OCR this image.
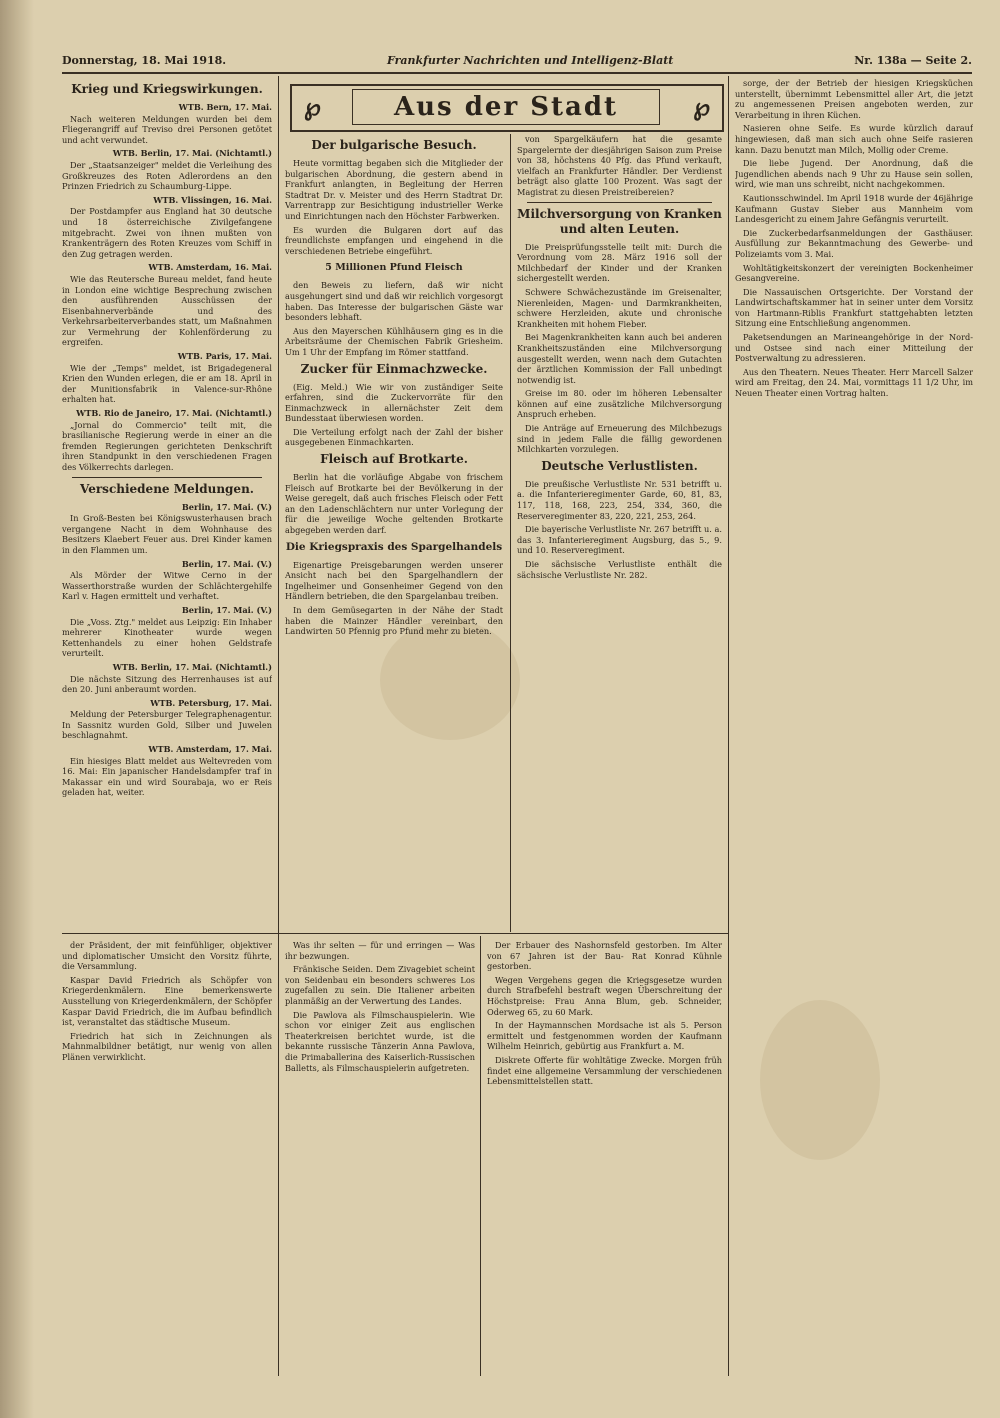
Donnerstag, 18. Mai 1918.	Frankfurter Nachrichten und Intelligenz-Blatt	Nr. 138a — Seite 2.
℘	Aus der Stadt	℘
Krieg und Kriegswirkungen.
WTB. Bern, 17. Mai.

Nach weiteren Meldungen wurden bei dem Fliegerangriff auf Treviso drei Personen getötet und acht verwundet.

WTB. Berlin, 17. Mai. (Nichtamtl.)

Der „Staatsanzeiger" meldet die Verleihung des Großkreuzes des Roten Adlerordens an den Prinzen Friedrich zu Schaumburg-Lippe.

WTB. Vlissingen, 16. Mai.

Der Postdampfer aus England hat 30 deutsche und 18 österreichische Zivilgefangene mitgebracht. Zwei von ihnen mußten von Krankenträgern des Roten Kreuzes vom Schiff in den Zug getragen werden.

WTB. Amsterdam, 16. Mai.

Wie das Reutersche Bureau meldet, fand heute in London eine wichtige Besprechung zwischen den ausführenden Ausschüssen der Eisenbahnerverbände und des Verkehrsarbeiterverbandes statt, um Maßnahmen zur Vermehrung der Kohlenförderung zu ergreifen.

WTB. Paris, 17. Mai.

Wie der „Temps" meldet, ist Brigadegeneral Krien den Wunden erlegen, die er am 18. April in der Munitionsfabrik in Valence-sur-Rhône erhalten hat.

WTB. Rio de Janeiro, 17. Mai. (Nichtamtl.)

„Jornal do Commercio" teilt mit, die brasilianische Regierung werde in einer an die fremden Regierungen gerichteten Denkschrift ihren Standpunkt in den verschiedenen Fragen des Völkerrechts darlegen.

Verschiedene Meldungen.
Berlin, 17. Mai. (V.)

In Groß-Besten bei Königswusterhausen brach vergangene Nacht in dem Wohnhause des Besitzers Klaebert Feuer aus. Drei Kinder kamen in den Flammen um.

Berlin, 17. Mai. (V.)

Als Mörder der Witwe Cerno in der Wasserthorstraße wurden der Schlächtergehilfe Karl v. Hagen ermittelt und verhaftet.

Berlin, 17. Mai. (V.)

Die „Voss. Ztg." meldet aus Leipzig: Ein Inhaber mehrerer Kinotheater wurde wegen Kettenhandels zu einer hohen Geldstrafe verurteilt.

WTB. Berlin, 17. Mai. (Nichtamtl.)

Die nächste Sitzung des Herrenhauses ist auf den 20. Juni anberaumt worden.

WTB. Petersburg, 17. Mai.

Meldung der Petersburger Telegraphenagentur. In Sassnitz wurden Gold, Silber und Juwelen beschlagnahmt.

WTB. Amsterdam, 17. Mai.

Ein hiesiges Blatt meldet aus Weltevreden vom 16. Mai: Ein japanischer Handelsdampfer traf in Makassar ein und wird Sourabaja, wo er Reis geladen hat, weiter.

Der bulgarische Besuch.

Heute vormittag begaben sich die Mitglieder der bulgarischen Abordnung, die gestern abend in Frankfurt anlangten, in Begleitung der Herren Stadtrat Dr. v. Meister und des Herrn Stadtrat Dr. Varrentrapp zur Besichtigung industrieller Werke und Einrichtungen nach den Höchster Farbwerken.

Es wurden die Bulgaren dort auf das freundlichste empfangen und eingehend in die verschiedenen Betriebe eingeführt.

5 Millionen Pfund Fleisch

den Beweis zu liefern, daß wir nicht ausgehungert sind und daß wir reichlich vorgesorgt haben. Das Interesse der bulgarischen Gäste war besonders lebhaft.

Aus den Mayerschen Kühlhäusern ging es in die Arbeitsräume der Chemischen Fabrik Griesheim. Um 1 Uhr der Empfang im Römer stattfand.

Zucker für Einmachzwecke.

(Eig. Meld.) Wie wir von zuständiger Seite erfahren, sind die Zuckervorräte für den Einmachzweck in allernächster Zeit dem Bundesstaat überwiesen worden.

Die Verteilung erfolgt nach der Zahl der bisher ausgegebenen Einmachkarten.

Fleisch auf Brotkarte.

Berlin hat die vorläufige Abgabe von frischem Fleisch auf Brotkarte bei der Bevölkerung in der Weise geregelt, daß auch frisches Fleisch oder Fett an den Ladenschlächtern nur unter Vorlegung der für die jeweilige Woche geltenden Brotkarte abgegeben werden darf.

Die Kriegspraxis des Spargelhandels

Eigenartige Preisgebarungen werden unserer Ansicht nach bei den Spargelhandlern der Ingelheimer und Gonsenheimer Gegend von den Händlern betrieben, die den Spargelanbau treiben.

In dem Gemüsegarten in der Nähe der Stadt haben die Mainzer Händler vereinbart, den Landwirten 50 Pfennig pro Pfund mehr zu bieten.

von Spargelkäufern hat die gesamte Spargelernte der diesjährigen Saison zum Preise von 38, höchstens 40 Pfg. das Pfund verkauft, vielfach an Frankfurter Händler. Der Verdienst beträgt also glatte 100 Prozent. Was sagt der Magistrat zu diesen Preistreibereien?

Milchversorgung von Kranken und alten Leuten.

Die Preisprüfungsstelle teilt mit: Durch die Verordnung vom 28. März 1916 soll der Milchbedarf der Kinder und der Kranken sichergestellt werden.

Schwere Schwächezustände im Greisenalter, Nierenleiden, Magen- und Darmkrankheiten, schwere Herzleiden, akute und chronische Krankheiten mit hohem Fieber.

Bei Magenkrankheiten kann auch bei anderen Krankheitszuständen eine Milchversorgung ausgestellt werden, wenn nach dem Gutachten der ärztlichen Kommission der Fall unbedingt notwendig ist.

Greise im 80. oder im höheren Lebensalter können auf eine zusätzliche Milchversorgung Anspruch erheben.

Die Anträge auf Erneuerung des Milchbezugs sind in jedem Falle die fällig gewordenen Milchkarten vorzulegen.

Deutsche Verlustlisten.

Die preußische Verlustliste Nr. 531 betrifft u. a. die Infanterieregimenter Garde, 60, 81, 83, 117, 118, 168, 223, 254, 334, 360, die Reserveregimenter 83, 220, 221, 253, 264.

Die bayerische Verlustliste Nr. 267 betrifft u. a. das 3. Infanterieregiment Augsburg, das 5., 9. und 10. Reserveregiment.

Die sächsische Verlustliste enthält die sächsische Verlustliste Nr. 282.

sorge, der der Betrieb der hiesigen Kriegsküchen unterstellt, übernimmt Lebensmittel aller Art, die jetzt zu angemessenen Preisen angeboten werden, zur Verarbeitung in ihren Küchen.

Nasieren ohne Seife. Es wurde kürzlich darauf hingewiesen, daß man sich auch ohne Seife rasieren kann. Dazu benutzt man Milch, Mollig oder Creme.

Die liebe Jugend. Der Anordnung, daß die Jugendlichen abends nach 9 Uhr zu Hause sein sollen, wird, wie man uns schreibt, nicht nachgekommen.

Kautionsschwindel. Im April 1918 wurde der 46jährige Kaufmann Gustav Sieber aus Mannheim vom Landesgericht zu einem Jahre Gefängnis verurteilt.

Die Zuckerbedarfsanmeldungen der Gasthäuser. Ausfüllung zur Bekanntmachung des Gewerbe- und Polizeiamts vom 3. Mai.

Wohltätigkeitskonzert der vereinigten Bockenheimer Gesangvereine.

Die Nassauischen Ortsgerichte. Der Vorstand der Landwirtschaftskammer hat in seiner unter dem Vorsitz von Hartmann-Riblis Frankfurt stattgehabten letzten Sitzung eine Entschließung angenommen.

Paketsendungen an Marineangehörige in der Nord- und Ostsee sind nach einer Mitteilung der Postverwaltung zu adressieren.

Aus den Theatern. Neues Theater. Herr Marcell Salzer wird am Freitag, den 24. Mai, vormittags 11 1/2 Uhr, im Neuen Theater einen Vortrag halten.

der Präsident, der mit feinfühliger, objektiver und diplomatischer Umsicht den Vorsitz führte, die Versammlung.

Kaspar David Friedrich als Schöpfer von Kriegerdenkmälern. Eine bemerkenswerte Ausstellung von Kriegerdenkmälern, der Schöpfer Kaspar David Friedrich, die im Aufbau befindlich ist, veranstaltet das städtische Museum.

Friedrich hat sich in Zeichnungen als Mahnmalbildner betätigt, nur wenig von allen Plänen verwirklicht.

Was ihr selten — für und erringen — Was ihr bezwungen.

Fränkische Seiden. Dem Zivagebiet scheint von Seidenbau ein besonders schweres Los zugefallen zu sein. Die Italiener arbeiten planmäßig an der Verwertung des Landes.

Die Pawlova als Filmschauspielerin. Wie schon vor einiger Zeit aus englischen Theaterkreisen berichtet wurde, ist die bekannte russische Tänzerin Anna Pawlova, die Primaballerina des Kaiserlich-Russischen Balletts, als Filmschauspielerin aufgetreten.

Der Erbauer des Nashornsfeld gestorben. Im Alter von 67 Jahren ist der Bau- Rat Konrad Kühnle gestorben.

Wegen Vergehens gegen die Kriegsgesetze wurden durch Strafbefehl bestraft wegen Überschreitung der Höchstpreise: Frau Anna Blum, geb. Schneider, Oderweg 65, zu 60 Mark.

In der Haymannschen Mordsache ist als 5. Person ermittelt und festgenommen worden der Kaufmann Wilhelm Heinrich, gebürtig aus Frankfurt a. M.

Diskrete Offerte für wohltätige Zwecke. Morgen früh findet eine allgemeine Versammlung der verschiedenen Lebensmittelstellen statt.
